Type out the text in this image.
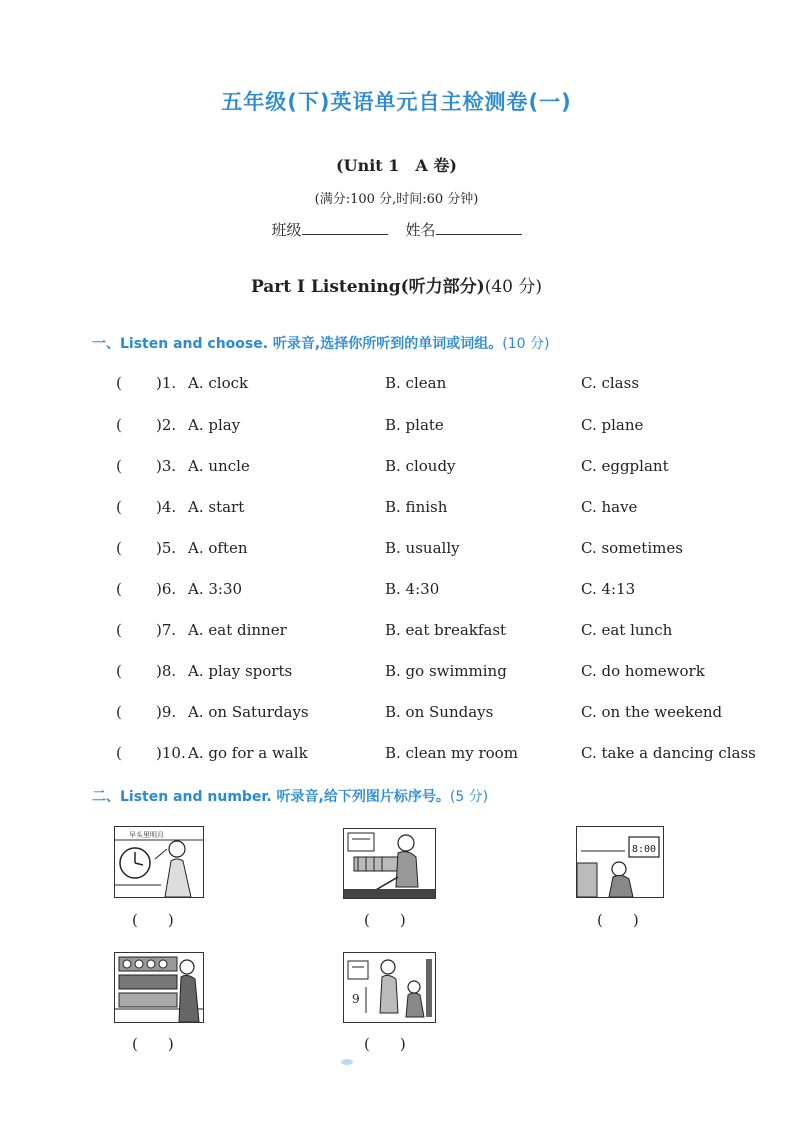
五年级(下)英语单元自主检测卷(一)
(Unit 1　A 卷)
(满分:100 分,时间:60 分钟)
班级	姓名
Part Ⅰ Listening(听力部分)(40 分)
一、Listen and choose. 听录音,选择你所听到的单词或词组。(10 分)
( )1. A. clock	B. clean	C. class
( )2. A. play	B. plate	C. plane
( )3. A. uncle	B. cloudy	C. eggplant
( )4. A. start	B. finish	C. have
( )5. A. often	B. usually	C. sometimes
( )6. A. 3:30	B. 4:30	C. 4:13
( )7. A. eat dinner	B. eat breakfast	C. eat lunch
( )8. A. play sports	B. go swimming	C. do homework
( )9. A. on Saturdays	B. on Sundays	C. on the weekend
( )10. A. go for a walk	B. clean my room	C. take a dancing class
二、Listen and number. 听录音,给下列图片标序号。(5 分)
早头里明月
(　　)	(　　)
8:00
(　　)
(　　)
9
(　　)
